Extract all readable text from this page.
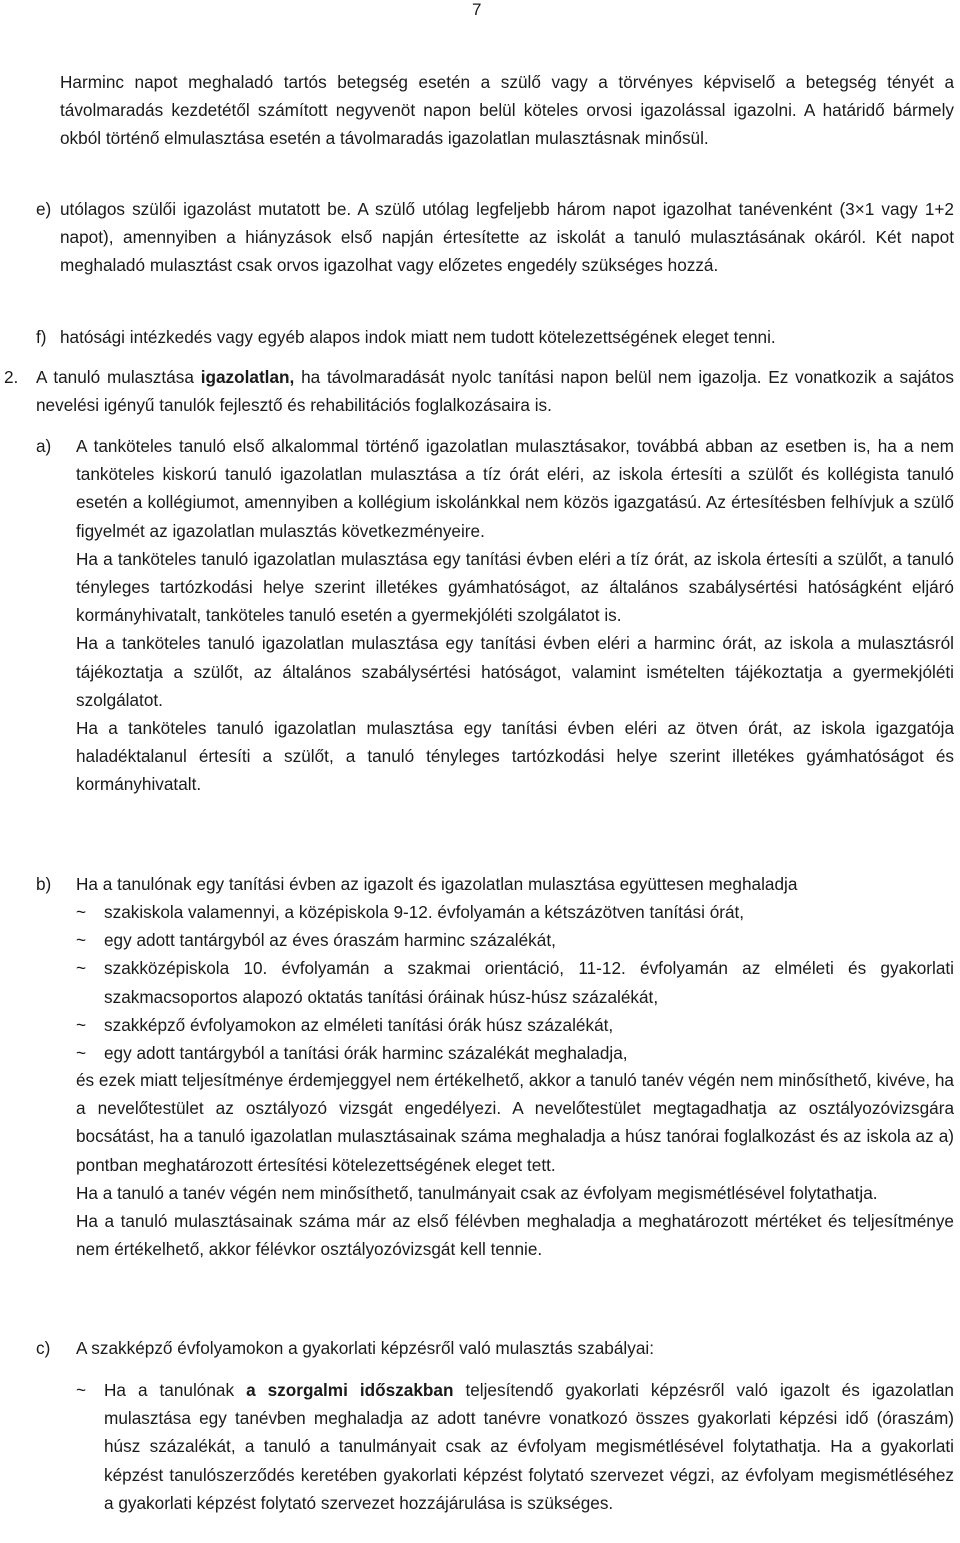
7

Harminc napot meghaladó tartós betegség esetén a szülő vagy a törvényes képviselő a betegség tényét a távolmaradás kezdetétől számított negyvenöt napon belül köteles orvosi igazolással igazolni. A határidő bármely okból történő elmulasztása esetén a távolmaradás igazolatlan mulasztásnak minősül.

e) utólagos szülői igazolást mutatott be. A szülő utólag legfeljebb három napot igazolhat tanévenként (3×1 vagy 1+2 napot), amennyiben a hiányzások első napján értesítette az iskolát a tanuló mulasztásának okáról. Két napot meghaladó mulasztást csak orvos igazolhat vagy előzetes engedély szükséges hozzá.

f) hatósági intézkedés vagy egyéb alapos indok miatt nem tudott kötelezettségének eleget tenni.

2. A tanuló mulasztása igazolatlan, ha távolmaradását nyolc tanítási napon belül nem igazolja. Ez vonatkozik a sajátos nevelési igényű tanulók fejlesztő és rehabilitációs foglalkozásaira is.

a) A tanköteles tanuló első alkalommal történő igazolatlan mulasztásakor, továbbá abban az esetben is, ha a nem tanköteles kiskorú tanuló igazolatlan mulasztása a tíz órát eléri, az iskola értesíti a szülőt és kollégista tanuló esetén a kollégiumot, amennyiben a kollégium iskolánkkal nem közös igazgatású. Az értesítésben felhívjuk a szülő figyelmét az igazolatlan mulasztás következményeire.
Ha a tanköteles tanuló igazolatlan mulasztása egy tanítási évben eléri a tíz órát, az iskola értesíti a szülőt, a tanuló tényleges tartózkodási helye szerint illetékes gyámhatóságot, az általános szabálysértési hatóságként eljáró kormányhivatalt, tanköteles tanuló esetén a gyermekjóléti szolgálatot is.
Ha a tanköteles tanuló igazolatlan mulasztása egy tanítási évben eléri a harminc órát, az iskola a mulasztásról tájékoztatja a szülőt, az általános szabálysértési hatóságot, valamint ismételten tájékoztatja a gyermekjóléti szolgálatot.
Ha a tanköteles tanuló igazolatlan mulasztása egy tanítási évben eléri az ötven órát, az iskola igazgatója haladéktalanul értesíti a szülőt, a tanuló tényleges tartózkodási helye szerint illetékes gyámhatóságot és kormányhivatalt.
b) Ha a tanulónak egy tanítási évben az igazolt és igazolatlan mulasztása együttesen meghaladja

~ szakiskola valamennyi, a középiskola 9-12. évfolyamán a kétszázötven tanítási órát,
~ egy adott tantárgyból az éves óraszám harminc százalékát,
~ szakközépiskola 10. évfolyamán a szakmai orientáció, 11-12. évfolyamán az elméleti és gyakorlati szakmacsoportos alapozó oktatás tanítási óráinak húsz-húsz százalékát,
~ szakképző évfolyamokon az elméleti tanítási órák húsz százalékát,
~ egy adott tantárgyból a tanítási órák harminc százalékát meghaladja,
és ezek miatt teljesítménye érdemjeggyel nem értékelhető, akkor a tanuló tanév végén nem minősíthető, kivéve, ha a nevelőtestület az osztályozó vizsgát engedélyezi. A nevelőtestület megtagadhatja az osztályozóvizsgára bocsátást, ha a tanuló igazolatlan mulasztásainak száma meghaladja a húsz tanórai foglalkozást és az iskola az a) pontban meghatározott értesítési kötelezettségének eleget tett.
Ha a tanuló a tanév végén nem minősíthető, tanulmányait csak az évfolyam megismétlésével folytathatja.
Ha a tanuló mulasztásainak száma már az első félévben meghaladja a meghatározott mértéket és teljesítménye nem értékelhető, akkor félévkor osztályozóvizsgát kell tennie.
c) A szakképző évfolyamokon a gyakorlati képzésről való mulasztás szabályai:

~ Ha a tanulónak a szorgalmi időszakban teljesítendő gyakorlati képzésről való igazolt és igazolatlan mulasztása egy tanévben meghaladja az adott tanévre vonatkozó összes gyakorlati képzési idő (óraszám) húsz százalékát, a tanuló a tanulmányait csak az évfolyam megismétlésével folytathatja. Ha a gyakorlati képzést tanulószerződés keretében gyakorlati képzést folytató szervezet végzi, az évfolyam megismétléséhez a gyakorlati képzést folytató szervezet hozzájárulása is szükséges.
